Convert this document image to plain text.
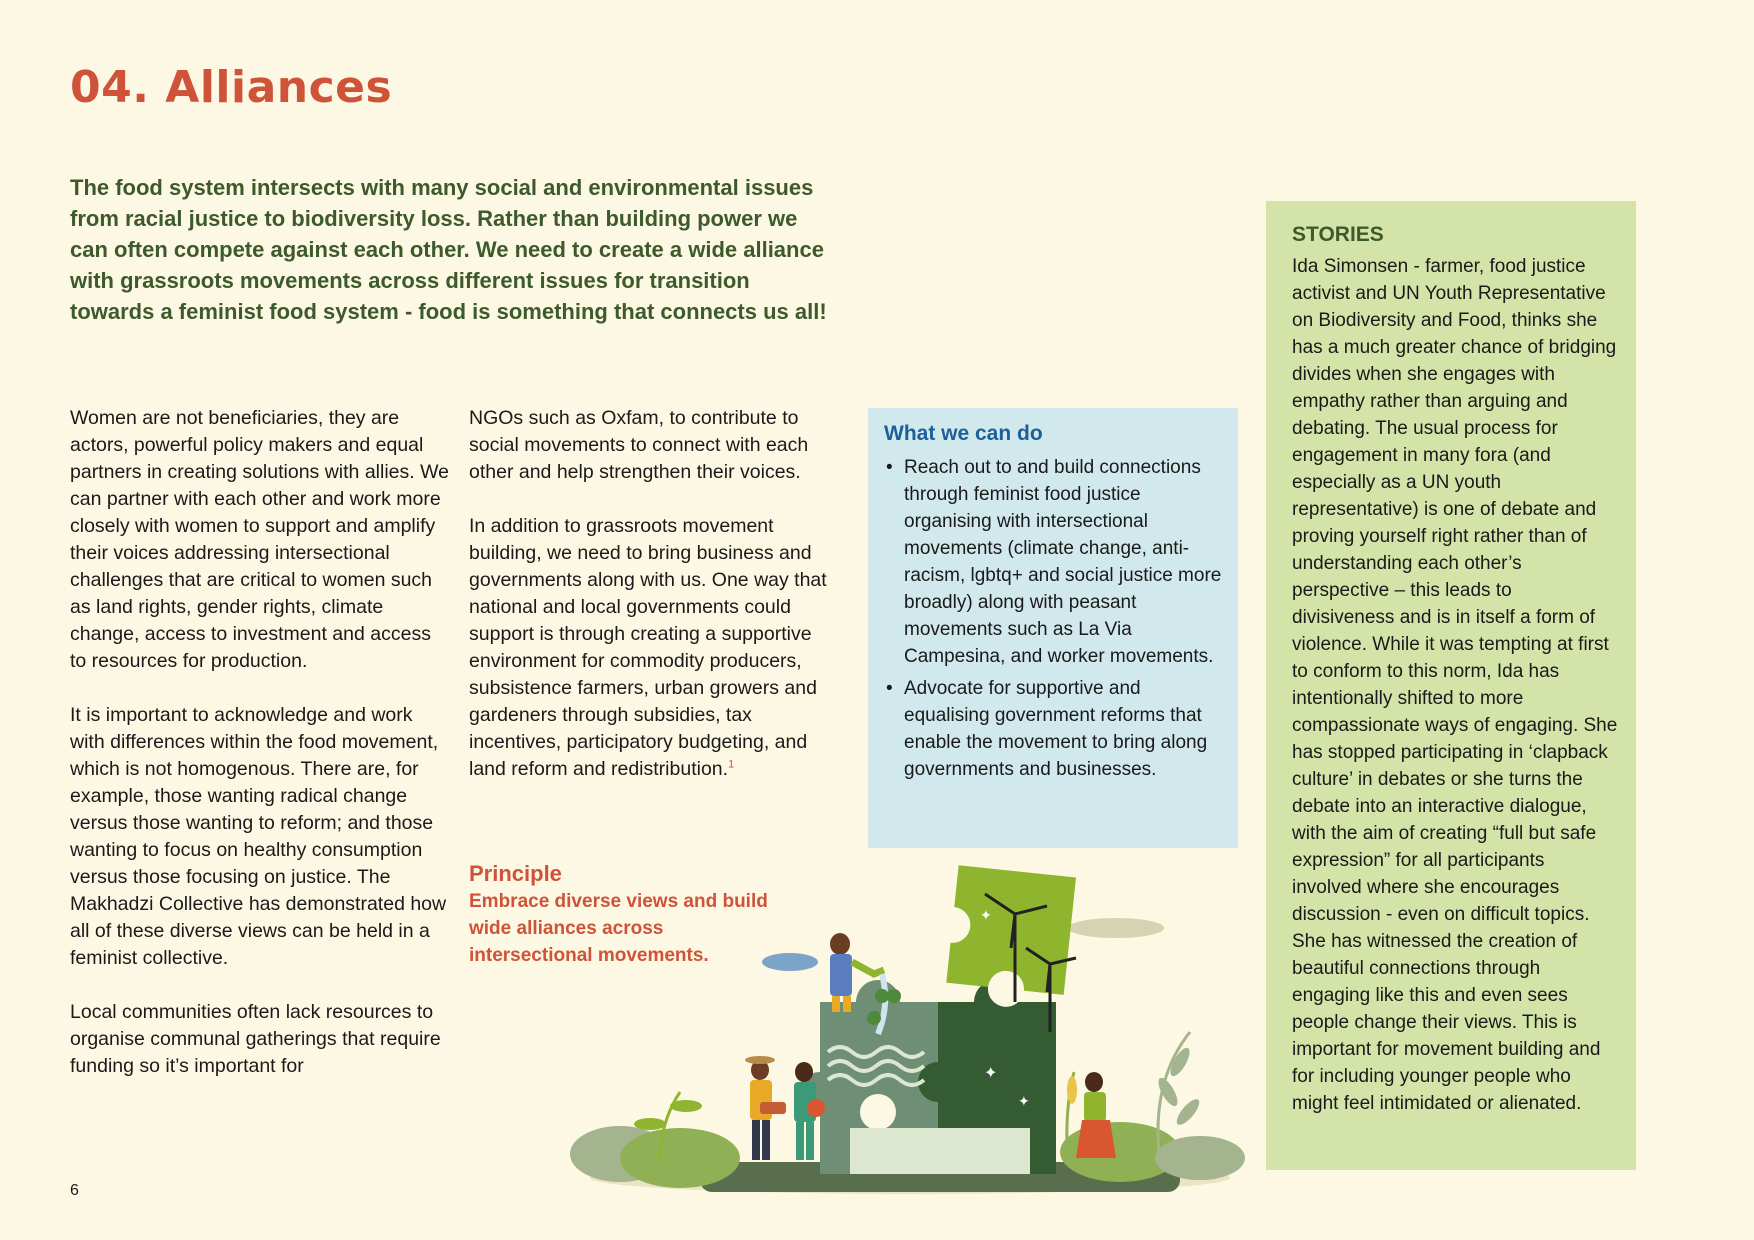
04. Alliances

The food system intersects with many social and environmental issues from racial justice to biodiversity loss. Rather than building power we can often compete against each other. We need to create a wide alliance with grassroots movements across different issues for transition towards a feminist food system - food is something that connects us all!

Women are not beneficiaries, they are actors, powerful policy makers and equal partners in creating solutions with allies. We can partner with each other and work more closely with women to support and amplify their voices addressing intersectional challenges that are critical to women such as land rights, gender rights, climate change, access to investment and access to resources for production.

It is important to acknowledge and work with differences within the food movement, which is not homogenous. There are, for example, those wanting radical change versus those wanting to reform; and those wanting to focus on healthy consumption versus those focusing on justice. The Makhadzi Collective has demonstrated how all of these diverse views can be held in a feminist collective.

Local communities often lack resources to organise communal gatherings that require funding so it’s important for

NGOs such as Oxfam, to contribute to social movements to connect with each other and help strengthen their voices.

In addition to grassroots movement building, we need to bring business and governments along with us. One way that national and local governments could support is through creating a supportive environment for commodity producers, subsistence farmers, urban growers and gardeners through subsidies, tax incentives, participatory budgeting, and land reform and redistribution.$^1$

Principle
Embrace diverse views and build wide alliances across intersectional movements.
What we can do
• Reach out to and build connections through feminist food justice organising with intersectional movements (climate change, anti-racism, lgbtq+ and social justice more broadly) along with peasant movements such as La Via Campesina, and worker movements.
• Advocate for supportive and equalising government reforms that enable the movement to bring along governments and businesses.
STORIES
Ida Simonsen - farmer, food justice activist and UN Youth Representative on Biodiversity and Food, thinks she has a much greater chance of bridging divides when she engages with empathy rather than arguing and debating. The usual process for engagement in many fora (and especially as a UN youth representative) is one of debate and proving yourself right rather than of understanding each other’s perspective – this leads to divisiveness and is in itself a form of violence. While it was tempting at first to conform to this norm, Ida has intentionally shifted to more compassionate ways of engaging. She has stopped participating in ‘clapback culture’ in debates or she turns the debate into an interactive dialogue, with the aim of creating “full but safe expression” for all participants involved where she encourages discussion - even on difficult topics. She has witnessed the creation of beautiful connections through engaging like this and even sees people change their views. This is important for movement building and for including younger people who might feel intimidated or alienated.
✦
✦
✦
6
